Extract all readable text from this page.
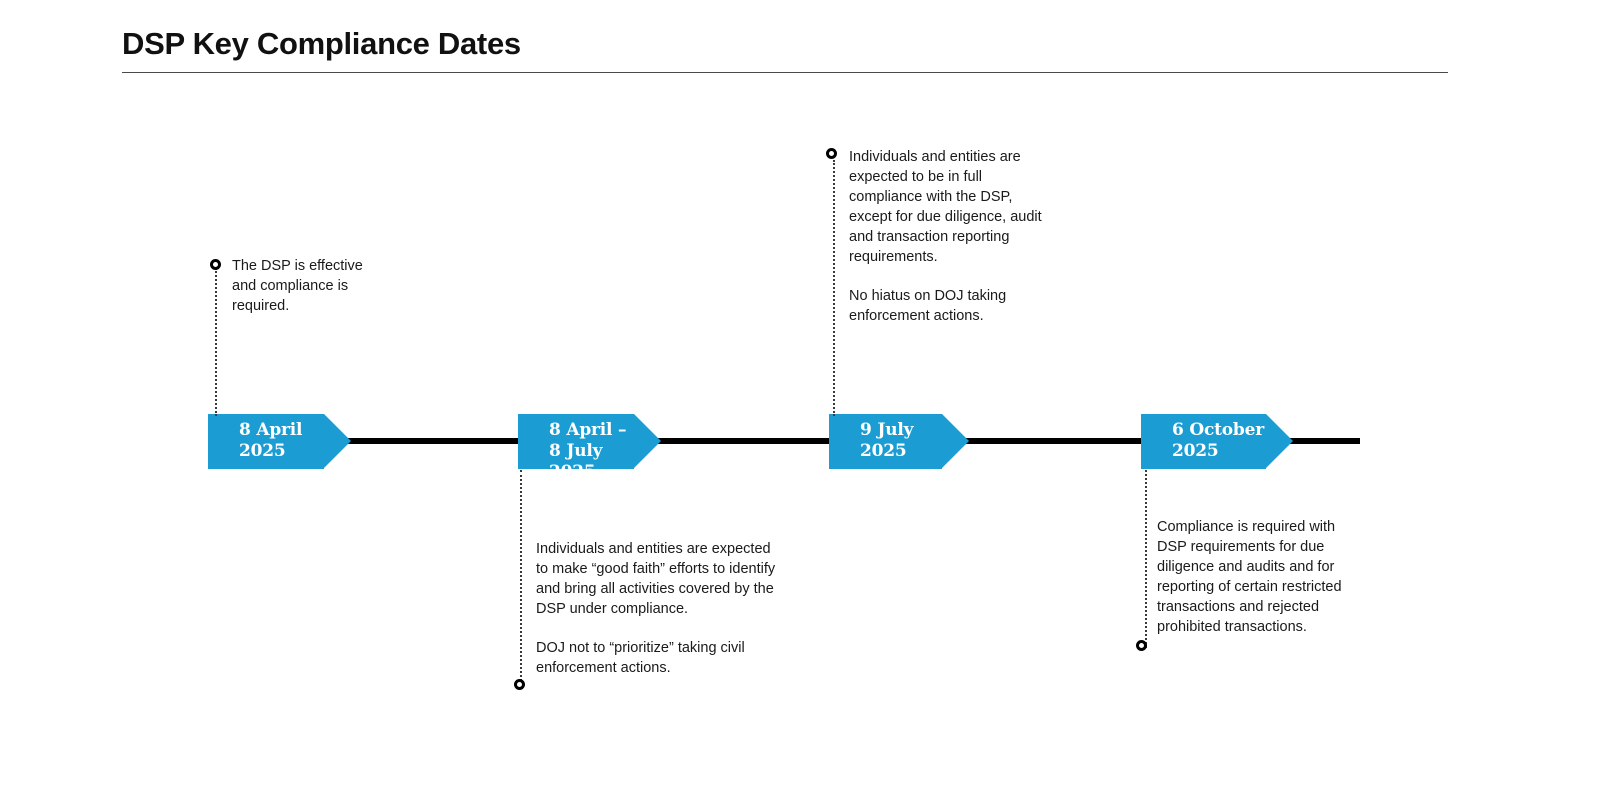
DSP Key Compliance Dates
8 April
2025

The DSP is effective and compliance is required.

8 April –
8 July 2025

Individuals and entities are expected to make “good faith” efforts to identify and bring all activities covered by the DSP under compliance.

DOJ not to “prioritize” taking civil enforcement actions.

9 July
2025

Individuals and entities are expected to be in full compliance with the DSP, except for due diligence, audit and transaction reporting requirements.

No hiatus on DOJ taking enforcement actions.

6 October
2025

Compliance is required with DSP requirements for due diligence and audits and for reporting of certain restricted transactions and rejected prohibited transactions.
